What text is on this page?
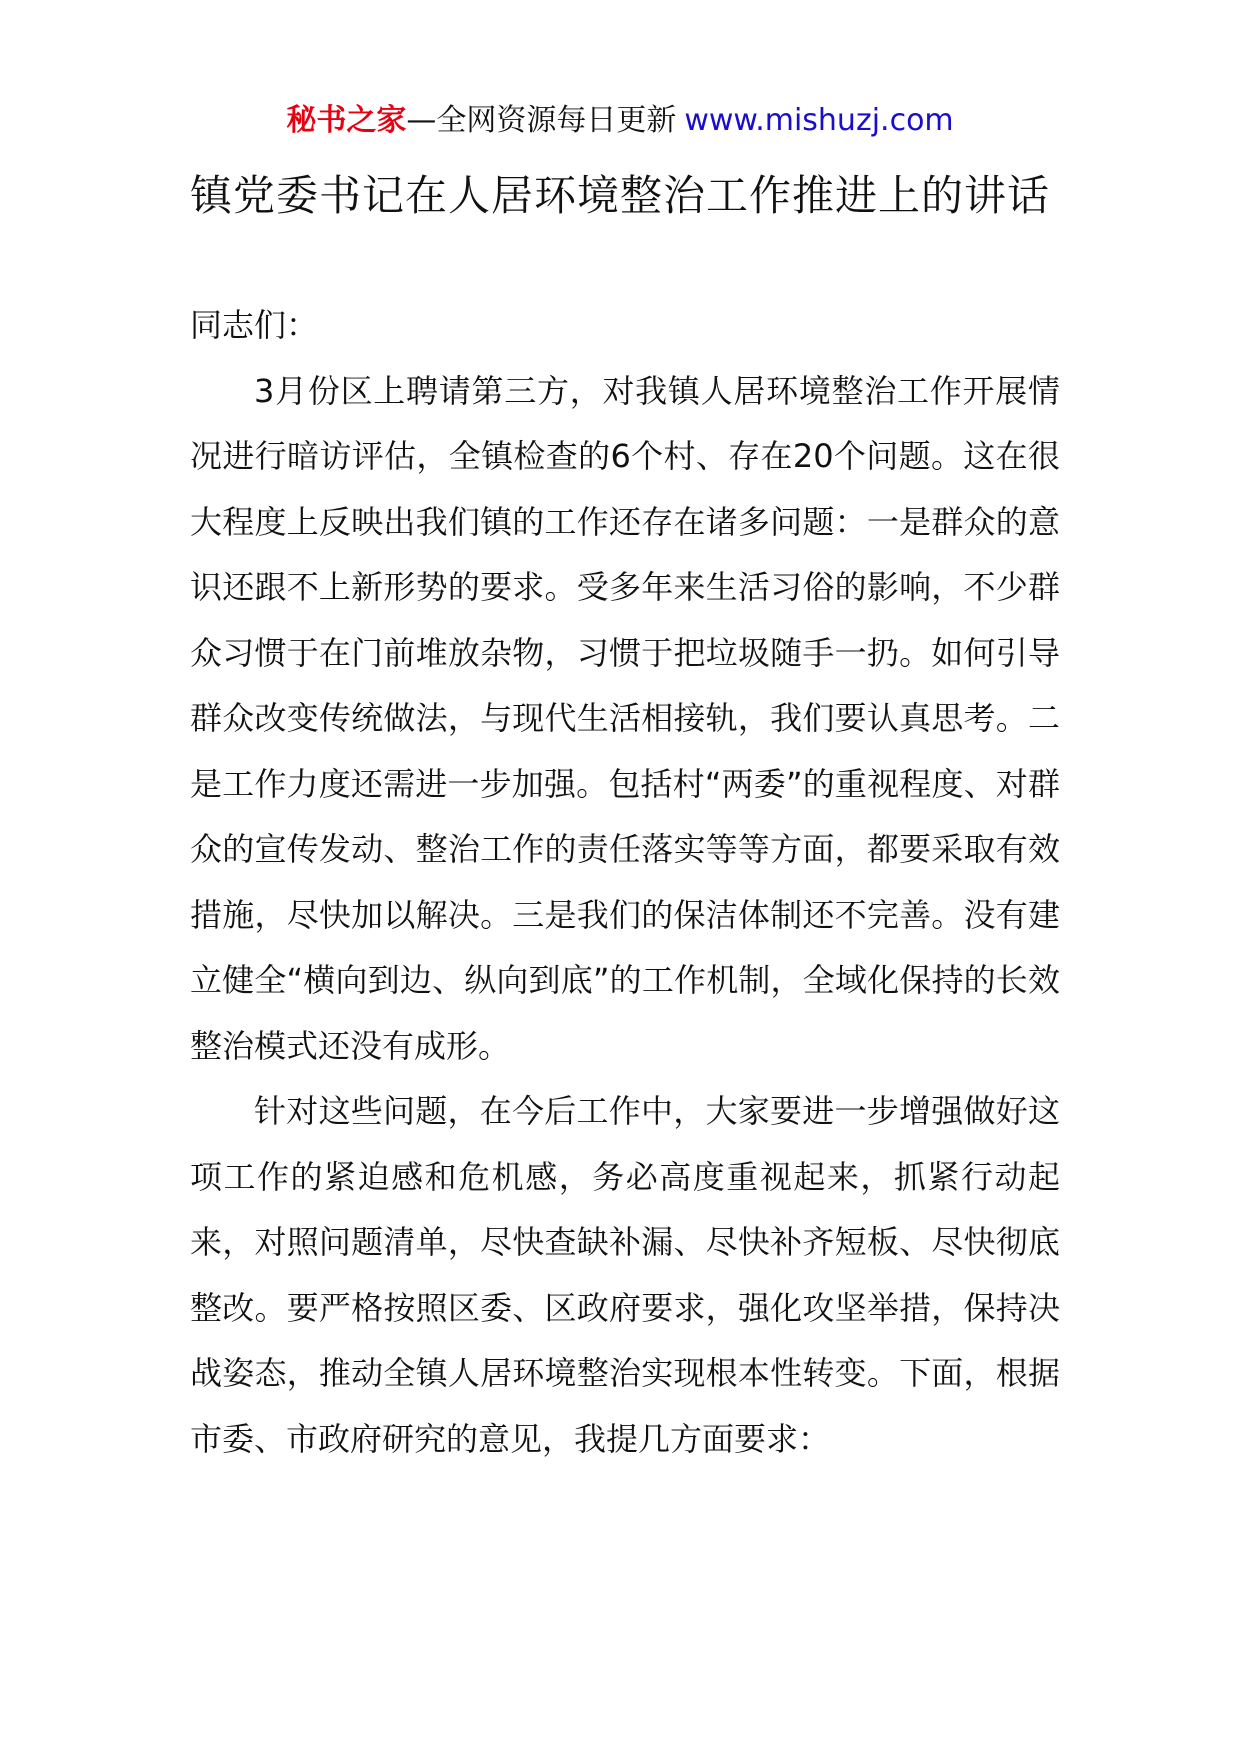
秘书之家—全网资源每日更新 www.mishuzj.com
镇党委书记在人居环境整治工作推进上的讲话

同志们：

3月份区上聘请第三方，对我镇人居环境整治工作开展情况进行暗访评估，全镇检查的6个村、存在20个问题。这在很大程度上反映出我们镇的工作还存在诸多问题：一是群众的意识还跟不上新形势的要求。受多年来生活习俗的影响，不少群众习惯于在门前堆放杂物，习惯于把垃圾随手一扔。如何引导群众改变传统做法，与现代生活相接轨，我们要认真思考。二是工作力度还需进一步加强。包括村“两委”的重视程度、对群众的宣传发动、整治工作的责任落实等等方面，都要采取有效措施，尽快加以解决。三是我们的保洁体制还不完善。没有建立健全“横向到边、纵向到底”的工作机制，全域化保持的长效整治模式还没有成形。

针对这些问题，在今后工作中，大家要进一步增强做好这项工作的紧迫感和危机感，务必高度重视起来，抓紧行动起来，对照问题清单，尽快查缺补漏、尽快补齐短板、尽快彻底整改。要严格按照区委、区政府要求，强化攻坚举措，保持决战姿态，推动全镇人居环境整治实现根本性转变。下面，根据市委、市政府研究的意见，我提几方面要求：
